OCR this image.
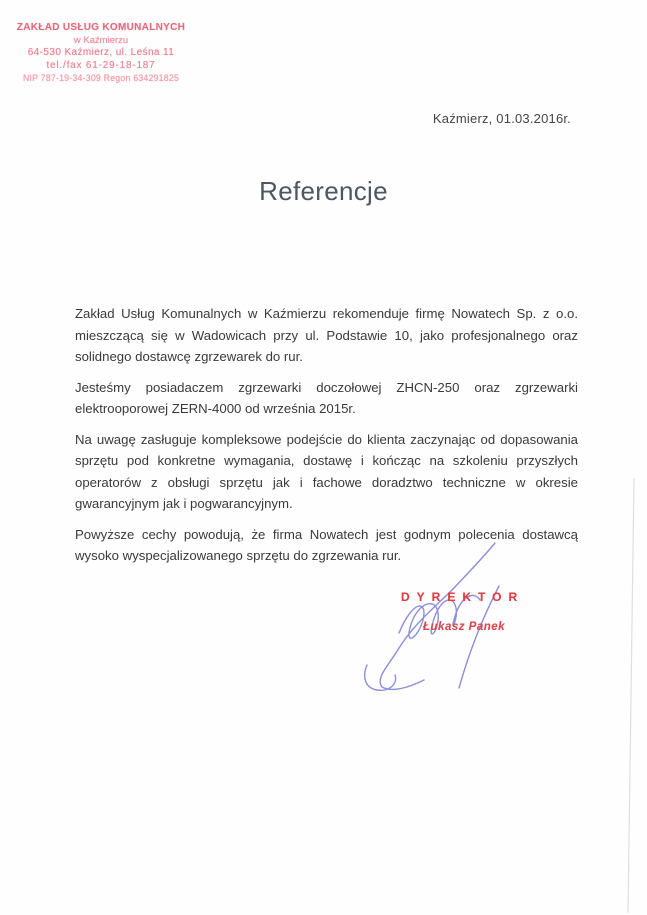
ZAKŁAD USŁUG KOMUNALNYCH
w Kaźmierzu
64-530 Kaźmierz, ul. Leśna 11
tel./fax 61-29-18-187
NIP 787-19-34-309 Regon 634291825
Kaźmierz, 01.03.2016r.
Referencje

Zakład Usług Komunalnych w Kaźmierzu rekomenduje firmę Nowatech Sp. z o.o. mieszczącą się w Wadowicach przy ul. Podstawie 10, jako profesjonalnego oraz solidnego dostawcę zgrzewarek do rur.

Jesteśmy posiadaczem zgrzewarki doczołowej ZHCN-250 oraz zgrzewarki elektrooporowej ZERN-4000 od września 2015r.

Na uwagę zasługuje kompleksowe podejście do klienta zaczynając od dopasowania sprzętu pod konkretne wymagania, dostawę i kończąc na szkoleniu przyszłych operatorów z obsługi sprzętu jak i fachowe doradztwo techniczne w okresie gwarancyjnym jak i pogwarancyjnym.

Powyższe cechy powodują, że firma Nowatech jest godnym polecenia dostawcą wysoko wyspecjalizowanego sprzętu do zgrzewania rur.

DYREKTOR
Łukasz Panek
